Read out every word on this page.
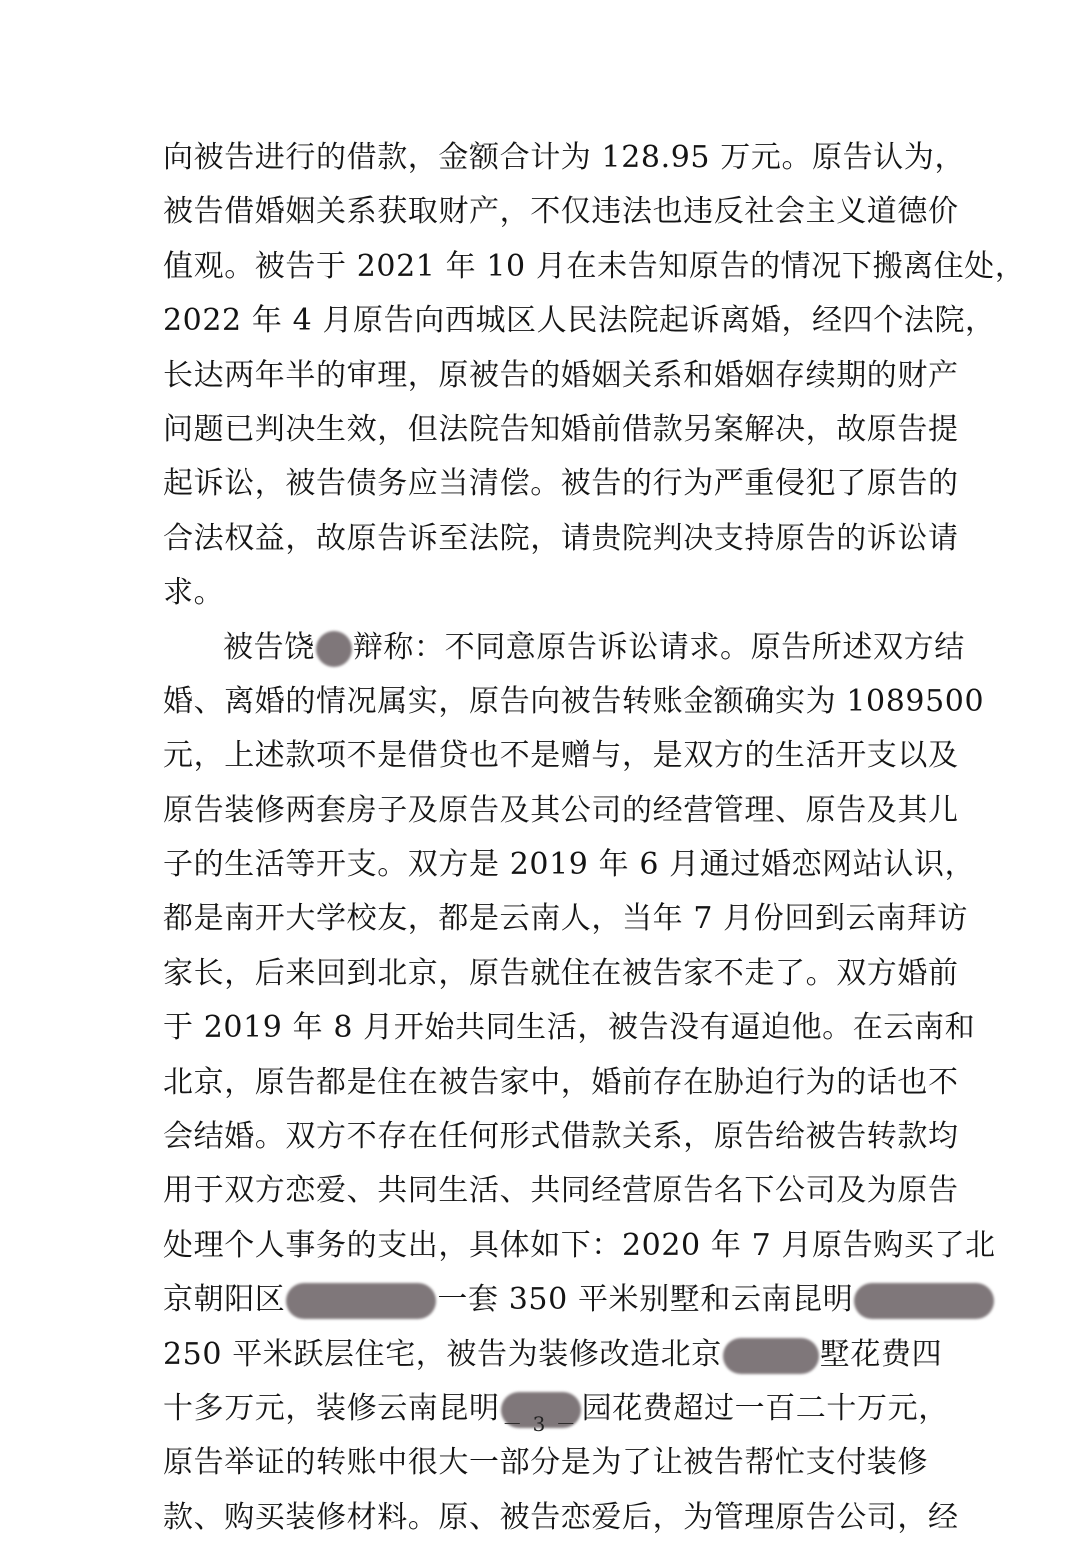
向被告进行的借款，金额合计为 128.95 万元。原告认为，
被告借婚姻关系获取财产，不仅违法也违反社会主义道德价
值观。被告于 2021 年 10 月在未告知原告的情况下搬离住处，
2022 年 4 月原告向西城区人民法院起诉离婚，经四个法院，
长达两年半的审理，原被告的婚姻关系和婚姻存续期的财产
问题已判决生效，但法院告知婚前借款另案解决，故原告提
起诉讼，被告债务应当清偿。被告的行为严重侵犯了原告的
合法权益，故原告诉至法院，请贵院判决支持原告的诉讼请
求。
被告饶 辩称：不同意原告诉讼请求。原告所述双方结
婚、离婚的情况属实，原告向被告转账金额确实为 1089500
元，上述款项不是借贷也不是赠与，是双方的生活开支以及
原告装修两套房子及原告及其公司的经营管理、原告及其儿
子的生活等开支。双方是 2019 年 6 月通过婚恋网站认识，
都是南开大学校友，都是云南人，当年 7 月份回到云南拜访
家长，后来回到北京，原告就住在被告家不走了。双方婚前
于 2019 年 8 月开始共同生活，被告没有逼迫他。在云南和
北京，原告都是住在被告家中，婚前存在胁迫行为的话也不
会结婚。双方不存在任何形式借款关系，原告给被告转款均
用于双方恋爱、共同生活、共同经营原告名下公司及为原告
处理个人事务的支出，具体如下：2020 年 7 月原告购买了北
京朝阳区	一套 350 平米别墅和云南昆明
250 平米跃层住宅，被告为装修改造北京	墅花费四
十多万元，装修云南昆明	园花费超过一百二十万元，
原告举证的转账中很大一部分是为了让被告帮忙支付装修
款、购买装修材料。原、被告恋爱后，为管理原告公司，经
－ 3 －
